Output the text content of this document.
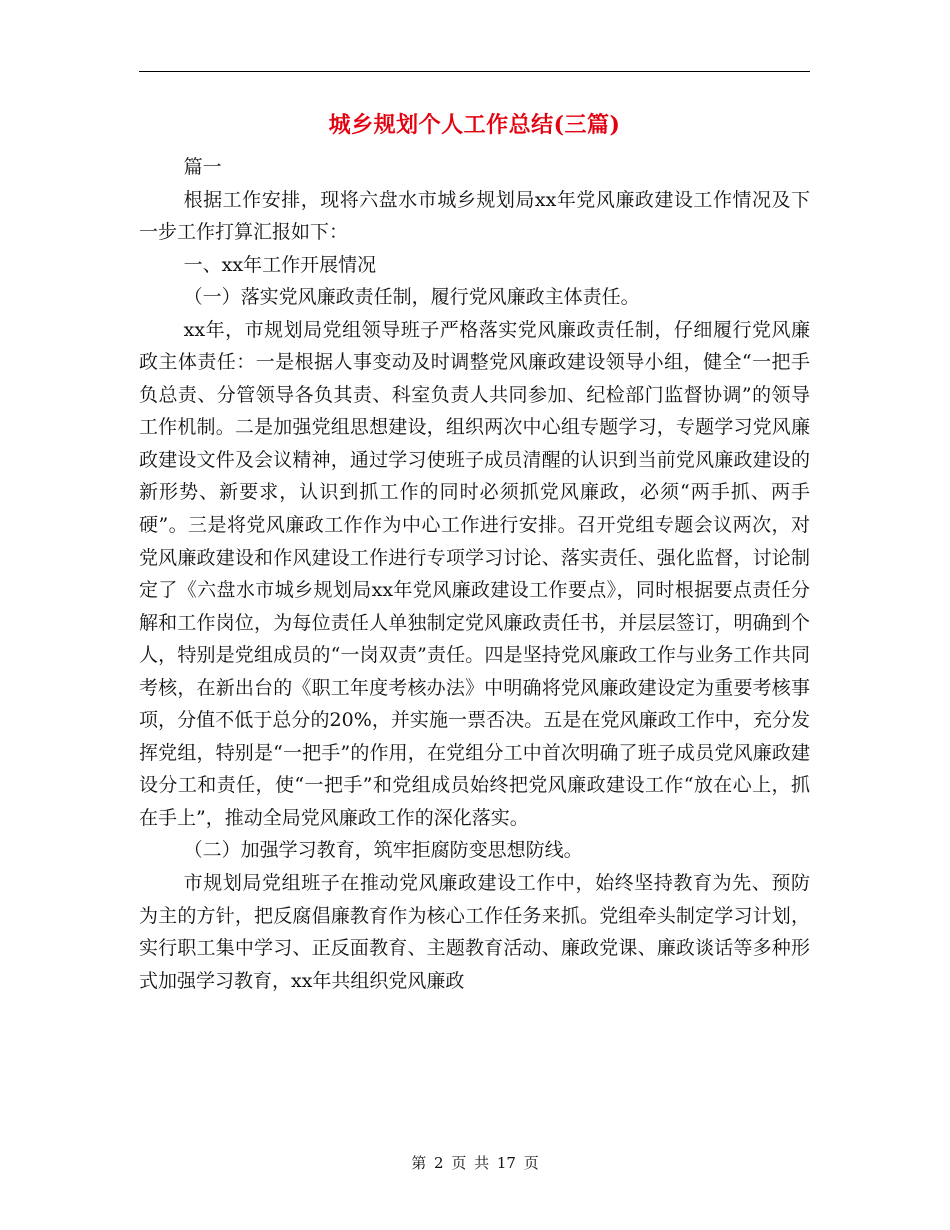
城乡规划个人工作总结(三篇)

篇一

根据工作安排，现将六盘水市城乡规划局xx年党风廉政建设工作情况及下一步工作打算汇报如下：

一、xx年工作开展情况

（一）落实党风廉政责任制，履行党风廉政主体责任。

xx年，市规划局党组领导班子严格落实党风廉政责任制，仔细履行党风廉政主体责任：一是根据人事变动及时调整党风廉政建设领导小组，健全“一把手负总责、分管领导各负其责、科室负责人共同参加、纪检部门监督协调”的领导工作机制。二是加强党组思想建设，组织两次中心组专题学习，专题学习党风廉政建设文件及会议精神，通过学习使班子成员清醒的认识到当前党风廉政建设的新形势、新要求，认识到抓工作的同时必须抓党风廉政，必须“两手抓、两手硬”。三是将党风廉政工作作为中心工作进行安排。召开党组专题会议两次，对党风廉政建设和作风建设工作进行专项学习讨论、落实责任、强化监督，讨论制定了《六盘水市城乡规划局xx年党风廉政建设工作要点》，同时根据要点责任分解和工作岗位，为每位责任人单独制定党风廉政责任书，并层层签订，明确到个人，特别是党组成员的“一岗双责”责任。四是坚持党风廉政工作与业务工作共同考核，在新出台的《职工年度考核办法》中明确将党风廉政建设定为重要考核事项，分值不低于总分的20%，并实施一票否决。五是在党风廉政工作中，充分发挥党组，特别是“一把手”的作用，在党组分工中首次明确了班子成员党风廉政建设分工和责任，使“一把手”和党组成员始终把党风廉政建设工作“放在心上，抓在手上”，推动全局党风廉政工作的深化落实。

（二）加强学习教育，筑牢拒腐防变思想防线。

市规划局党组班子在推动党风廉政建设工作中，始终坚持教育为先、预防为主的方针，把反腐倡廉教育作为核心工作任务来抓。党组牵头制定学习计划，实行职工集中学习、正反面教育、主题教育活动、廉政党课、廉政谈话等多种形式加强学习教育，xx年共组织党风廉政

第 2 页 共 17 页
